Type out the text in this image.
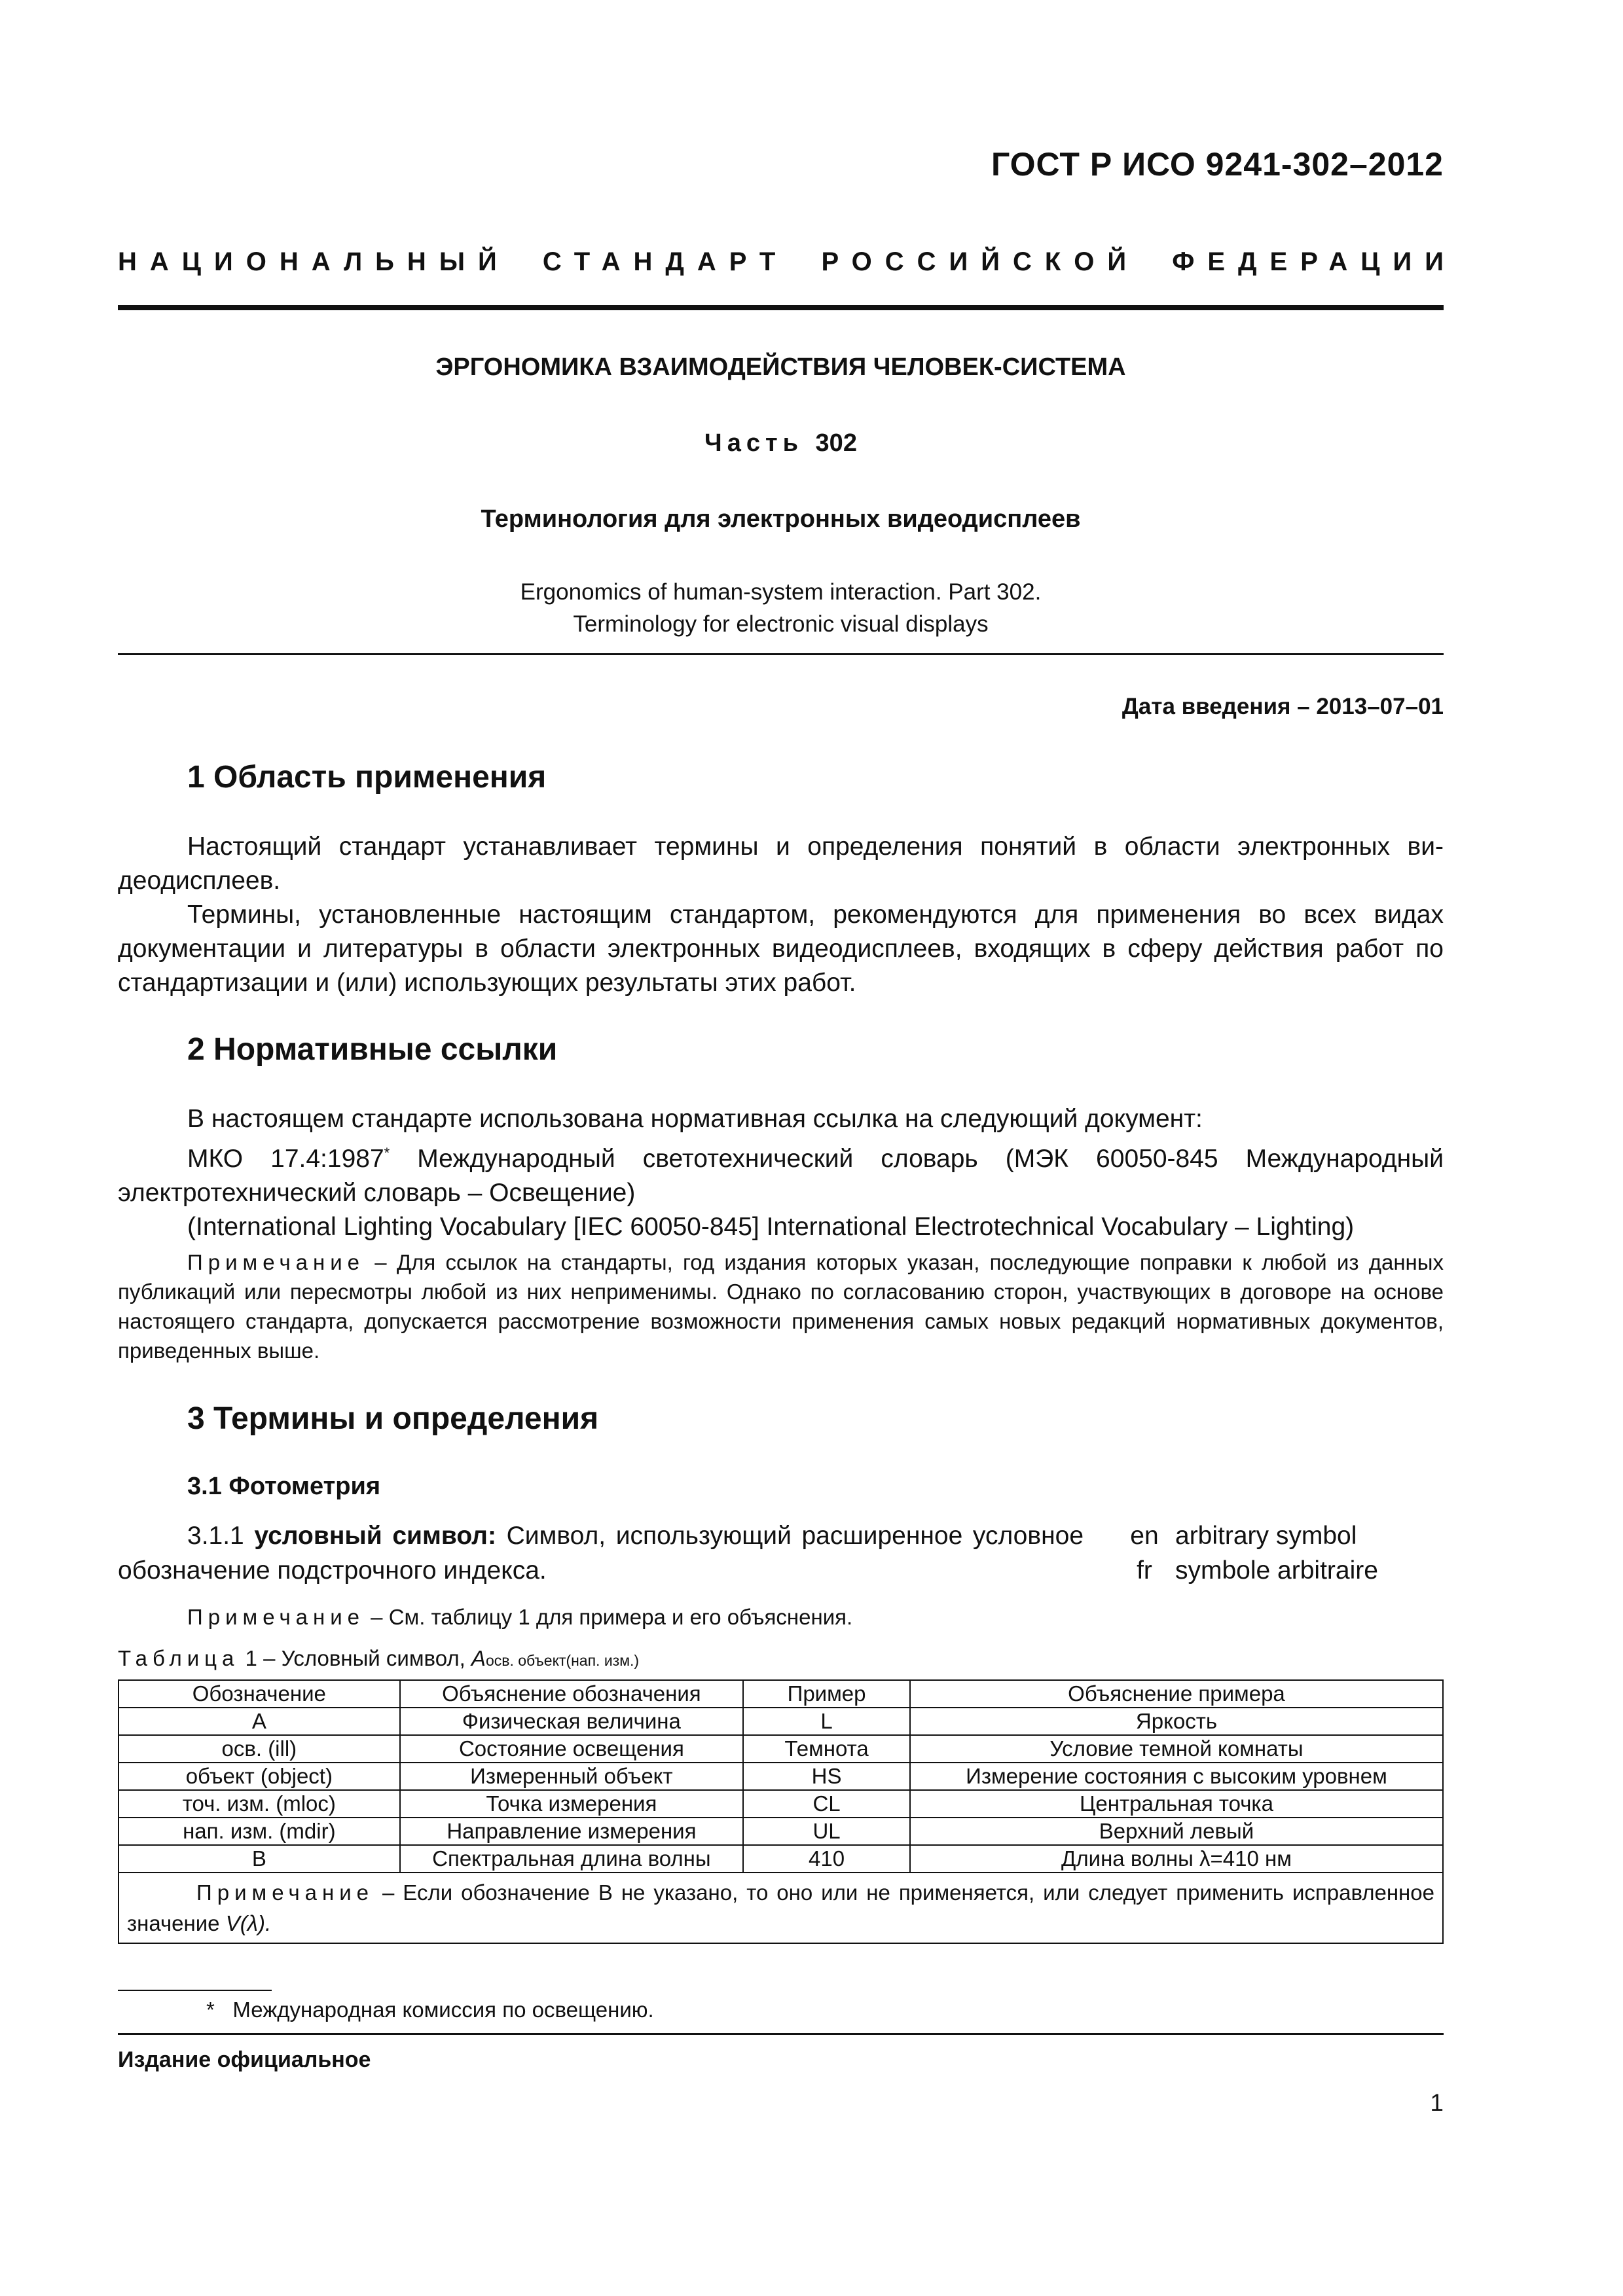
ГОСТ Р ИСО 9241-302–2012
НАЦИОНАЛЬНЫЙ СТАНДАРТ РОССИЙСКОЙ ФЕДЕРАЦИИ
ЭРГОНОМИКА ВЗАИМОДЕЙСТВИЯ ЧЕЛОВЕК-СИСТЕМА
Часть 302
Терминология для электронных видеодисплеев
Ergonomics of human-system interaction. Part 302.
Terminology for electronic visual displays
Дата введения – 2013–07–01
1 Область применения

Настоящий стандарт устанавливает термины и определения понятий в области электронных ви-деодисплеев.

Термины, установленные настоящим стандартом, рекомендуются для применения во всех видах документации и литературы в области электронных видеодисплеев, входящих в сферу действия работ по стандартизации и (или) использующих результаты этих работ.

2 Нормативные ссылки

В настоящем стандарте использована нормативная ссылка на следующий документ:

МКО 17.4:1987* Международный светотехнический словарь (МЭК 60050-845 Международный электротехнический словарь – Освещение)

(International Lighting Vocabulary [IEC 60050-845] International Electrotechnical Vocabulary – Lighting)

Примечание – Для ссылок на стандарты, год издания которых указан, последующие поправки к любой из данных публикаций или пересмотры любой из них неприменимы. Однако по согласованию сторон, участвующих в договоре на основе настоящего стандарта, допускается рассмотрение возможности применения самых новых редакций нормативных документов, приведенных выше.

3 Термины и определения
3.1 Фотометрия

3.1.1 условный символ: Символ, использующий расширенное условное обозначение подстрочного индекса.

en arbitrary symbol
fr symbole arbitraire

Примечание – См. таблицу 1 для примера и его объяснения.

Таблица 1 – Условный символ, Aосв. объект(нап. изм.)
Обозначение	Объяснение обозначения	Пример	Объяснение примера
A	Физическая величина	L	Яркость
осв. (ill)	Состояние освещения	Темнота	Условие темной комнаты
объект (object)	Измеренный объект	HS	Измерение состояния с высоким уровнем
точ. изм. (mloc)	Точка измерения	CL	Центральная точка
нап. изм. (mdir)	Направление измерения	UL	Верхний левый
B	Спектральная длина волны	410	Длина волны λ=410 нм
Примечание – Если обозначение B не указано, то оно или не применяется, или следует применить исправленное значение V(λ).			
* Международная комиссия по освещению.
Издание официальное
1
